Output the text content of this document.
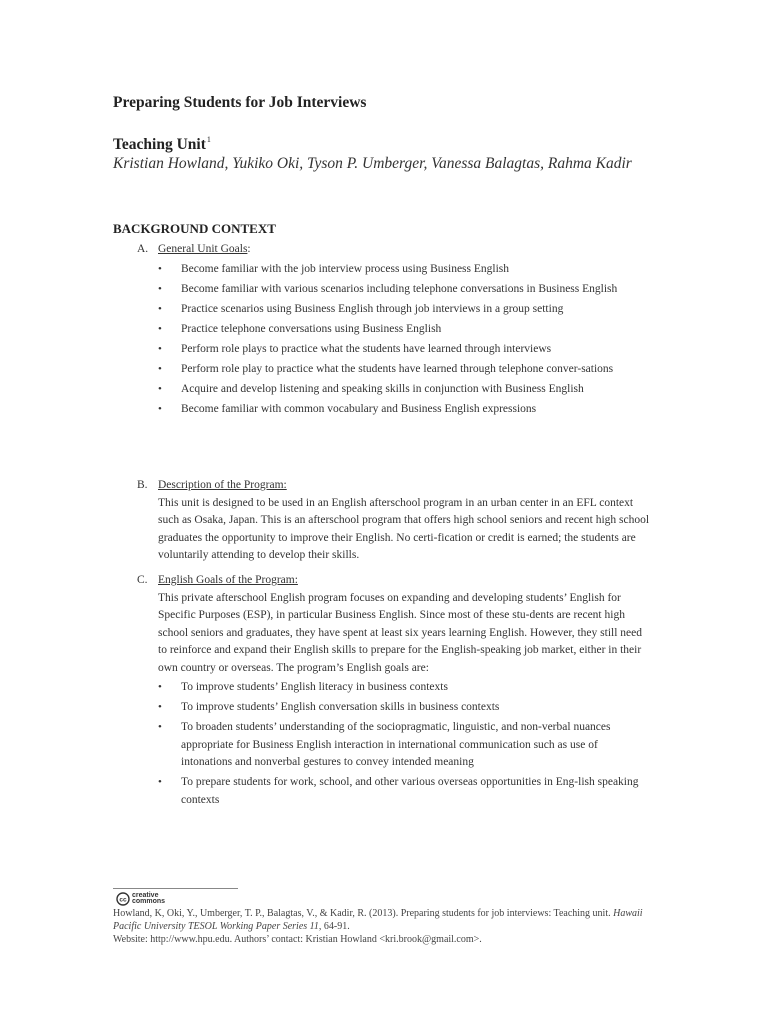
Preparing Students for Job Interviews
Teaching Unit$^1$
Kristian Howland, Yukiko Oki, Tyson P. Umberger, Vanessa Balagtas, Rahma Kadir
BACKGROUND CONTEXT
A. General Unit Goals:
•	Become familiar with the job interview process using Business English
•	Become familiar with various scenarios including telephone conversations in Business English
•	Practice scenarios using Business English through job interviews in a group setting
•	Practice telephone conversations using Business English
•	Perform role plays to practice what the students have learned through interviews
•	Perform role play to practice what the students have learned through telephone conver-sations
•	Acquire and develop listening and speaking skills in conjunction with Business English
•	Become familiar with common vocabulary and Business English expressions
B. Description of the Program:
This unit is designed to be used in an English afterschool program in an urban center in an EFL context such as Osaka, Japan. This is an afterschool program that offers high school seniors and recent high school graduates the opportunity to improve their English. No certi-fication or credit is earned; the students are voluntarily attending to develop their skills.
C. English Goals of the Program:
This private afterschool English program focuses on expanding and developing students’ English for Specific Purposes (ESP), in particular Business English. Since most of these stu-dents are recent high school seniors and graduates, they have spent at least six years learning English. However, they still need to reinforce and expand their English skills to prepare for the English-speaking job market, either in their own country or overseas. The program’s English goals are:
•	To improve students’ English literacy in business contexts
•	To improve students’ English conversation skills in business contexts
•	To broaden students’ understanding of the sociopragmatic, linguistic, and non-verbal nuances appropriate for Business English interaction in international communication such as use of intonations and nonverbal gestures to convey intended meaning
•	To prepare students for work, school, and other various overseas opportunities in Eng-lish speaking contexts
cc
creative
commons
Howland, K, Oki, Y., Umberger, T. P., Balagtas, V., & Kadir, R. (2013). Preparing students for job interviews: Teaching unit. Hawaii Pacific University TESOL Working Paper Series 11, 64-91.
Website: http://www.hpu.edu. Authors’ contact: Kristian Howland <kri.brook@gmail.com>.
